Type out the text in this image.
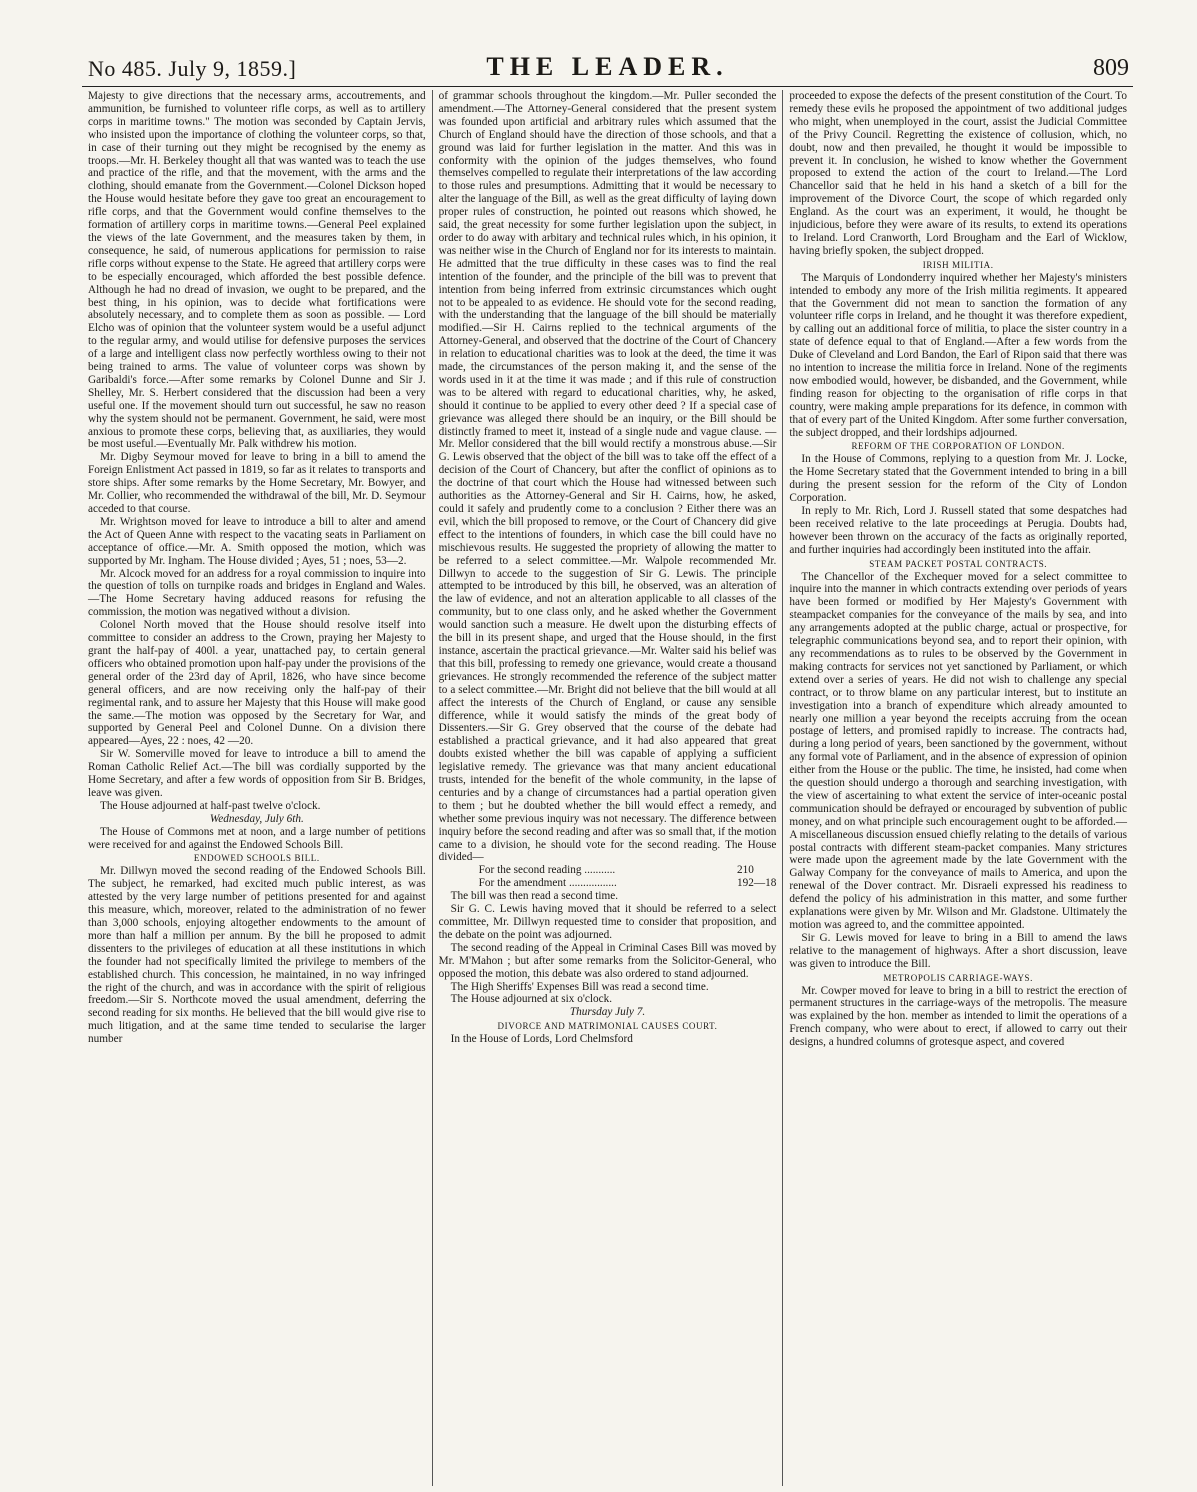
No 485. July 9, 1859.]	THE LEADER.	809

Majesty to give directions that the necessary arms, accoutrements, and ammunition, be furnished to volunteer rifle corps, as well as to artillery corps in maritime towns." The motion was seconded by Captain Jervis, who insisted upon the importance of clothing the volunteer corps, so that, in case of their turning out they might be recognised by the enemy as troops.—Mr. H. Berkeley thought all that was wanted was to teach the use and practice of the rifle, and that the movement, with the arms and the clothing, should emanate from the Government.—Colonel Dickson hoped the House would hesitate before they gave too great an encouragement to rifle corps, and that the Government would confine themselves to the formation of artillery corps in maritime towns.—General Peel explained the views of the late Government, and the measures taken by them, in consequence, he said, of numerous applications for permission to raise rifle corps without expense to the State. He agreed that artillery corps were to be especially encouraged, which afforded the best possible defence. Although he had no dread of invasion, we ought to be prepared, and the best thing, in his opinion, was to decide what fortifications were absolutely necessary, and to complete them as soon as possible. — Lord Elcho was of opinion that the volunteer system would be a useful adjunct to the regular army, and would utilise for defensive purposes the services of a large and intelligent class now perfectly worthless owing to their not being trained to arms. The value of volunteer corps was shown by Garibaldi's force.—After some remarks by Colonel Dunne and Sir J. Shelley, Mr. S. Herbert considered that the discussion had been a very useful one. If the movement should turn out successful, he saw no reason why the system should not be permanent. Government, he said, were most anxious to promote these corps, believing that, as auxiliaries, they would be most useful.—Eventually Mr. Palk withdrew his motion.

Mr. Digby Seymour moved for leave to bring in a bill to amend the Foreign Enlistment Act passed in 1819, so far as it relates to transports and store ships. After some remarks by the Home Secretary, Mr. Bowyer, and Mr. Collier, who recommended the withdrawal of the bill, Mr. D. Seymour acceded to that course.

Mr. Wrightson moved for leave to introduce a bill to alter and amend the Act of Queen Anne with respect to the vacating seats in Parliament on acceptance of office.—Mr. A. Smith opposed the motion, which was supported by Mr. Ingham. The House divided ; Ayes, 51 ; noes, 53—2.

Mr. Alcock moved for an address for a royal commission to inquire into the question of tolls on turnpike roads and bridges in England and Wales. —The Home Secretary having adduced reasons for refusing the commission, the motion was negatived without a division.

Colonel North moved that the House should resolve itself into committee to consider an address to the Crown, praying her Majesty to grant the half-pay of 400l. a year, unattached pay, to certain general officers who obtained promotion upon half-pay under the provisions of the general order of the 23rd day of April, 1826, who have since become general officers, and are now receiving only the half-pay of their regimental rank, and to assure her Majesty that this House will make good the same.—The motion was opposed by the Secretary for War, and supported by General Peel and Colonel Dunne. On a division there appeared—Ayes, 22 : noes, 42 —20.

Sir W. Somerville moved for leave to introduce a bill to amend the Roman Catholic Relief Act.—The bill was cordially supported by the Home Secretary, and after a few words of opposition from Sir B. Bridges, leave was given.

The House adjourned at half-past twelve o'clock.

Wednesday, July 6th.

The House of Commons met at noon, and a large number of petitions were received for and against the Endowed Schools Bill.

ENDOWED SCHOOLS BILL.

Mr. Dillwyn moved the second reading of the Endowed Schools Bill. The subject, he remarked, had excited much public interest, as was attested by the very large number of petitions presented for and against this measure, which, moreover, related to the administration of no fewer than 3,000 schools, enjoying altogether endowments to the amount of more than half a million per annum. By the bill he proposed to admit dissenters to the privileges of education at all these institutions in which the founder had not specifically limited the privilege to members of the established church. This concession, he maintained, in no way infringed the right of the church, and was in accordance with the spirit of religious freedom.—Sir S. Northcote moved the usual amendment, deferring the second reading for six months. He believed that the bill would give rise to much litigation, and at the same time tended to secularise the larger number

of grammar schools throughout the kingdom.—Mr. Puller seconded the amendment.—The Attorney-General considered that the present system was founded upon artificial and arbitrary rules which assumed that the Church of England should have the direction of those schools, and that a ground was laid for further legislation in the matter. And this was in conformity with the opinion of the judges themselves, who found themselves compelled to regulate their interpretations of the law according to those rules and presumptions. Admitting that it would be necessary to alter the language of the Bill, as well as the great difficulty of laying down proper rules of construction, he pointed out reasons which showed, he said, the great necessity for some further legislation upon the subject, in order to do away with arbitary and technical rules which, in his opinion, it was neither wise in the Church of England nor for its interests to maintain. He admitted that the true difficulty in these cases was to find the real intention of the founder, and the principle of the bill was to prevent that intention from being inferred from extrinsic circumstances which ought not to be appealed to as evidence. He should vote for the second reading, with the understanding that the language of the bill should be materially modified.—Sir H. Cairns replied to the technical arguments of the Attorney-General, and observed that the doctrine of the Court of Chancery in relation to educational charities was to look at the deed, the time it was made, the circumstances of the person making it, and the sense of the words used in it at the time it was made ; and if this rule of construction was to be altered with regard to educational charities, why, he asked, should it continue to be applied to every other deed ? If a special case of grievance was alleged there should be an inquiry, or the Bill should be distinctly framed to meet it, instead of a single nude and vague clause. —Mr. Mellor considered that the bill would rectify a monstrous abuse.—Sir G. Lewis observed that the object of the bill was to take off the effect of a decision of the Court of Chancery, but after the conflict of opinions as to the doctrine of that court which the House had witnessed between such authorities as the Attorney-General and Sir H. Cairns, how, he asked, could it safely and prudently come to a conclusion ? Either there was an evil, which the bill proposed to remove, or the Court of Chancery did give effect to the intentions of founders, in which case the bill could have no mischievous results. He suggested the propriety of allowing the matter to be referred to a select committee.—Mr. Walpole recommended Mr. Dillwyn to accede to the suggestion of Sir G. Lewis. The principle attempted to be introduced by this bill, he observed, was an alteration of the law of evidence, and not an alteration applicable to all classes of the community, but to one class only, and he asked whether the Government would sanction such a measure. He dwelt upon the disturbing effects of the bill in its present shape, and urged that the House should, in the first instance, ascertain the practical grievance.—Mr. Walter said his belief was that this bill, professing to remedy one grievance, would create a thousand grievances. He strongly recommended the reference of the subject matter to a select committee.—Mr. Bright did not believe that the bill would at all affect the interests of the Church of England, or cause any sensible difference, while it would satisfy the minds of the great body of Dissenters.—Sir G. Grey observed that the course of the debate had established a practical grievance, and it had also appeared that great doubts existed whether the bill was capable of applying a sufficient legislative remedy. The grievance was that many ancient educational trusts, intended for the benefit of the whole community, in the lapse of centuries and by a change of circumstances had a partial operation given to them ; but he doubted whether the bill would effect a remedy, and whether some previous inquiry was not necessary. The difference between inquiry before the second reading and after was so small that, if the motion came to a division, he should vote for the second reading. The House divided—

For the second reading ...........	210
For the amendment .................	192—18

The bill was then read a second time.

Sir G. C. Lewis having moved that it should be referred to a select committee, Mr. Dillwyn requested time to consider that proposition, and the debate on the point was adjourned.

The second reading of the Appeal in Criminal Cases Bill was moved by Mr. M'Mahon ; but after some remarks from the Solicitor-General, who opposed the motion, this debate was also ordered to stand adjourned.

The High Sheriffs' Expenses Bill was read a second time.

The House adjourned at six o'clock.

Thursday July 7.

DIVORCE AND MATRIMONIAL CAUSES COURT.

In the House of Lords, Lord Chelmsford

proceeded to expose the defects of the present constitution of the Court. To remedy these evils he proposed the appointment of two additional judges who might, when unemployed in the court, assist the Judicial Committee of the Privy Council. Regretting the existence of collusion, which, no doubt, now and then prevailed, he thought it would be impossible to prevent it. In conclusion, he wished to know whether the Government proposed to extend the action of the court to Ireland.—The Lord Chancellor said that he held in his hand a sketch of a bill for the improvement of the Divorce Court, the scope of which regarded only England. As the court was an experiment, it would, he thought be injudicious, before they were aware of its results, to extend its operations to Ireland. Lord Cranworth, Lord Brougham and the Earl of Wicklow, having briefly spoken, the subject dropped.

IRISH MILITIA.

The Marquis of Londonderry inquired whether her Majesty's ministers intended to embody any more of the Irish militia regiments. It appeared that the Government did not mean to sanction the formation of any volunteer rifle corps in Ireland, and he thought it was therefore expedient, by calling out an additional force of militia, to place the sister country in a state of defence equal to that of England.—After a few words from the Duke of Cleveland and Lord Bandon, the Earl of Ripon said that there was no intention to increase the militia force in Ireland. None of the regiments now embodied would, however, be disbanded, and the Government, while finding reason for objecting to the organisation of rifle corps in that country, were making ample preparations for its defence, in common with that of every part of the United Kingdom. After some further conversation, the subject dropped, and their lordships adjourned.

REFORM OF THE CORPORATION OF LONDON.

In the House of Commons, replying to a question from Mr. J. Locke, the Home Secretary stated that the Government intended to bring in a bill during the present session for the reform of the City of London Corporation.

In reply to Mr. Rich, Lord J. Russell stated that some despatches had been received relative to the late proceedings at Perugia. Doubts had, however been thrown on the accuracy of the facts as originally reported, and further inquiries had accordingly been instituted into the affair.

STEAM PACKET POSTAL CONTRACTS.

The Chancellor of the Exchequer moved for a select committee to inquire into the manner in which contracts extending over periods of years have been formed or modified by Her Majesty's Government with steampacket companies for the conveyance of the mails by sea, and into any arrangements adopted at the public charge, actual or prospective, for telegraphic communications beyond sea, and to report their opinion, with any recommendations as to rules to be observed by the Government in making contracts for services not yet sanctioned by Parliament, or which extend over a series of years. He did not wish to challenge any special contract, or to throw blame on any particular interest, but to institute an investigation into a branch of expenditure which already amounted to nearly one million a year beyond the receipts accruing from the ocean postage of letters, and promised rapidly to increase. The contracts had, during a long period of years, been sanctioned by the government, without any formal vote of Parliament, and in the absence of expression of opinion either from the House or the public. The time, he insisted, had come when the question should undergo a thorough and searching investigation, with the view of ascertaining to what extent the service of inter-oceanic postal communication should be defrayed or encouraged by subvention of public money, and on what principle such encouragement ought to be afforded.—A miscellaneous discussion ensued chiefly relating to the details of various postal contracts with different steam-packet companies. Many strictures were made upon the agreement made by the late Government with the Galway Company for the conveyance of mails to America, and upon the renewal of the Dover contract. Mr. Disraeli expressed his readiness to defend the policy of his administration in this matter, and some further explanations were given by Mr. Wilson and Mr. Gladstone. Ultimately the motion was agreed to, and the committee appointed.

Sir G. Lewis moved for leave to bring in a Bill to amend the laws relative to the management of highways. After a short discussion, leave was given to introduce the Bill.

METROPOLIS CARRIAGE-WAYS.

Mr. Cowper moved for leave to bring in a bill to restrict the erection of permanent structures in the carriage-ways of the metropolis. The measure was explained by the hon. member as intended to limit the operations of a French company, who were about to erect, if allowed to carry out their designs, a hundred columns of grotesque aspect, and covered
